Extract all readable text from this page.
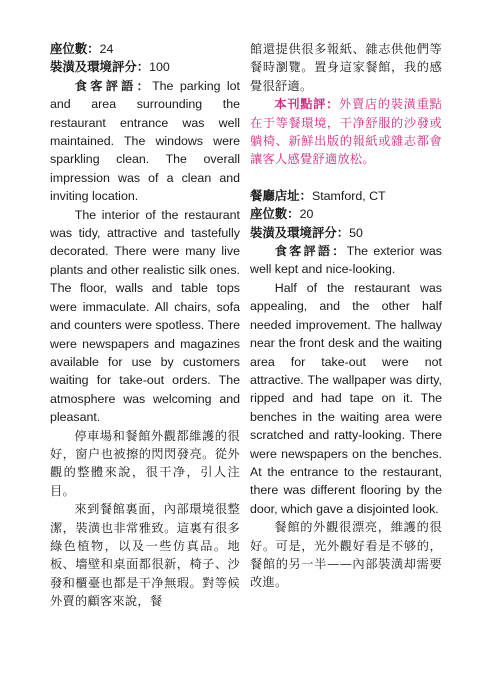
座位數：24

裝潢及環境評分：100

食客評語：The parking lot and area surrounding the restaurant entrance was well maintained. The windows were sparkling clean. The overall impression was of a clean and inviting location.

The interior of the restaurant was tidy, attractive and tastefully decorated. There were many live plants and other realistic silk ones. The floor, walls and table tops were immaculate. All chairs, sofa and counters were spotless. There were newspapers and magazines available for use by customers waiting for take-out orders. The atmosphere was welcoming and pleasant.

停車場和餐館外觀都維護的很好，窗户也被擦的閃閃發亮。從外觀的整體來說，很干净，引人注目。

來到餐館裏面，內部環境很整潔，裝潢也非常雅致。這裏有很多綠色植物，以及一些仿真品。地板、墻壁和桌面都很新，椅子、沙發和櫃臺也都是干净無瑕。對等候外賣的顧客來說，餐

館還提供很多報紙、雜志供他們等餐時瀏覽。置身這家餐館，我的感覺很舒適。

本刊點評：外賣店的裝潢重點在于等餐環境，干净舒服的沙發或躺椅、新鮮出版的報紙或雜志都會讓客人感覺舒適放松。

餐廳店址：Stamford, CT

座位數：20

裝潢及環境評分：50

食客評語：The exterior was well kept and nice-looking.

Half of the restaurant was appealing, and the other half needed improvement. The hallway near the front desk and the waiting area for take-out were not attractive. The wallpaper was dirty, ripped and had tape on it. The benches in the waiting area were scratched and ratty-looking. There were newspapers on the benches. At the entrance to the restaurant, there was different flooring by the door, which gave a disjointed look.

餐館的外觀很漂亮，維護的很好。可是，光外觀好看是不够的，餐館的另一半——內部裝潢却需要改進。
